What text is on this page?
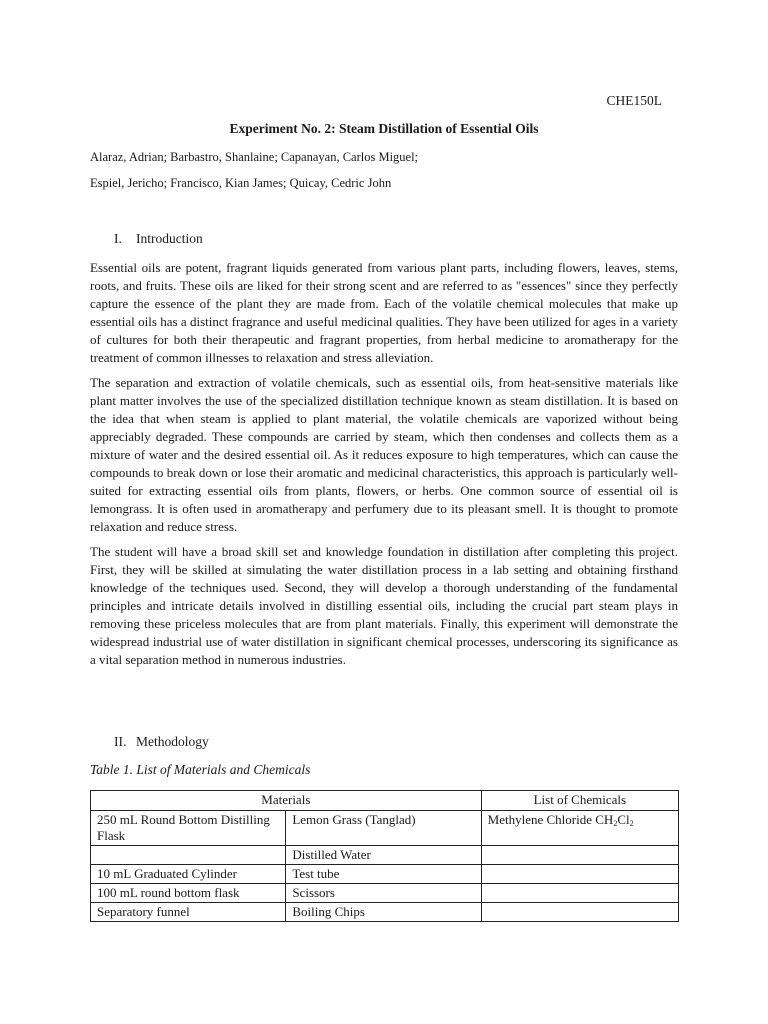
CHE150L
Experiment No. 2: Steam Distillation of Essential Oils
Alaraz, Adrian; Barbastro, Shanlaine; Capanayan, Carlos Miguel;
Espiel, Jericho; Francisco, Kian James; Quicay, Cedric John
I. Introduction

Essential oils are potent, fragrant liquids generated from various plant parts, including flowers, leaves, stems, roots, and fruits. These oils are liked for their strong scent and are referred to as "essences" since they perfectly capture the essence of the plant they are made from. Each of the volatile chemical molecules that make up essential oils has a distinct fragrance and useful medicinal qualities. They have been utilized for ages in a variety of cultures for both their therapeutic and fragrant properties, from herbal medicine to aromatherapy for the treatment of common illnesses to relaxation and stress alleviation.

The separation and extraction of volatile chemicals, such as essential oils, from heat-sensitive materials like plant matter involves the use of the specialized distillation technique known as steam distillation. It is based on the idea that when steam is applied to plant material, the volatile chemicals are vaporized without being appreciably degraded. These compounds are carried by steam, which then condenses and collects them as a mixture of water and the desired essential oil. As it reduces exposure to high temperatures, which can cause the compounds to break down or lose their aromatic and medicinal characteristics, this approach is particularly well-suited for extracting essential oils from plants, flowers, or herbs. One common source of essential oil is lemongrass. It is often used in aromatherapy and perfumery due to its pleasant smell. It is thought to promote relaxation and reduce stress.

The student will have a broad skill set and knowledge foundation in distillation after completing this project. First, they will be skilled at simulating the water distillation process in a lab setting and obtaining firsthand knowledge of the techniques used. Second, they will develop a thorough understanding of the fundamental principles and intricate details involved in distilling essential oils, including the crucial part steam plays in removing these priceless molecules that are from plant materials. Finally, this experiment will demonstrate the widespread industrial use of water distillation in significant chemical processes, underscoring its significance as a vital separation method in numerous industries.

II. Methodology
Table 1. List of Materials and Chemicals
Materials		List of Chemicals
250 mL Round Bottom Distilling Flask	Lemon Grass (Tanglad)	Methylene Chloride $CH_2Cl_2$
	Distilled Water	
10 mL Graduated Cylinder	Test tube	
100 mL round bottom flask	Scissors	
Separatory funnel	Boiling Chips	
